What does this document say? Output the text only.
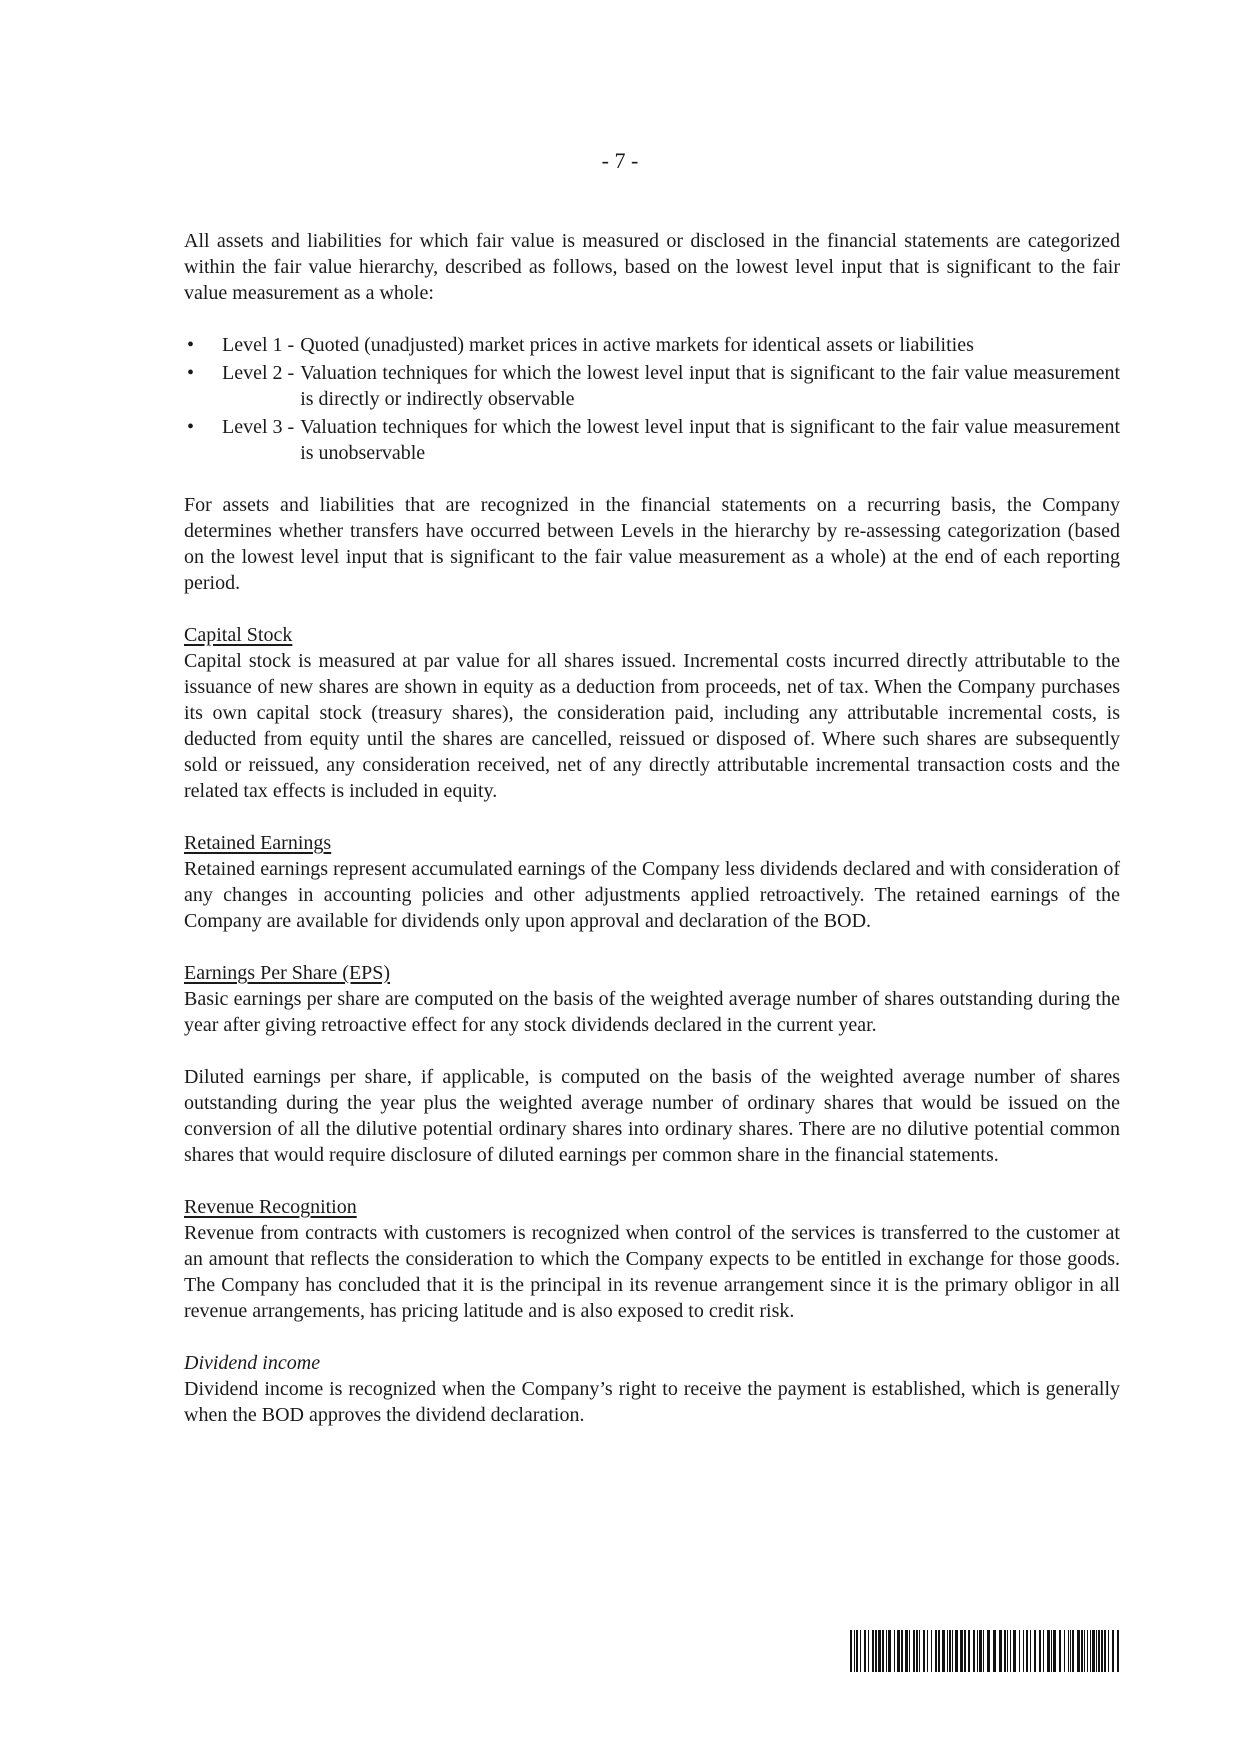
- 7 -

All assets and liabilities for which fair value is measured or disclosed in the financial statements are categorized within the fair value hierarchy, described as follows, based on the lowest level input that is significant to the fair value measurement as a whole:

• Level 1 - Quoted (unadjusted) market prices in active markets for identical assets or liabilities
• Level 2 - Valuation techniques for which the lowest level input that is significant to the fair value measurement is directly or indirectly observable
• Level 3 - Valuation techniques for which the lowest level input that is significant to the fair value measurement is unobservable

For assets and liabilities that are recognized in the financial statements on a recurring basis, the Company determines whether transfers have occurred between Levels in the hierarchy by re-assessing categorization (based on the lowest level input that is significant to the fair value measurement as a whole) at the end of each reporting period.

Capital Stock

Capital stock is measured at par value for all shares issued. Incremental costs incurred directly attributable to the issuance of new shares are shown in equity as a deduction from proceeds, net of tax. When the Company purchases its own capital stock (treasury shares), the consideration paid, including any attributable incremental costs, is deducted from equity until the shares are cancelled, reissued or disposed of. Where such shares are subsequently sold or reissued, any consideration received, net of any directly attributable incremental transaction costs and the related tax effects is included in equity.

Retained Earnings

Retained earnings represent accumulated earnings of the Company less dividends declared and with consideration of any changes in accounting policies and other adjustments applied retroactively. The retained earnings of the Company are available for dividends only upon approval and declaration of the BOD.

Earnings Per Share (EPS)

Basic earnings per share are computed on the basis of the weighted average number of shares outstanding during the year after giving retroactive effect for any stock dividends declared in the current year.

Diluted earnings per share, if applicable, is computed on the basis of the weighted average number of shares outstanding during the year plus the weighted average number of ordinary shares that would be issued on the conversion of all the dilutive potential ordinary shares into ordinary shares. There are no dilutive potential common shares that would require disclosure of diluted earnings per common share in the financial statements.

Revenue Recognition

Revenue from contracts with customers is recognized when control of the services is transferred to the customer at an amount that reflects the consideration to which the Company expects to be entitled in exchange for those goods. The Company has concluded that it is the principal in its revenue arrangement since it is the primary obligor in all revenue arrangements, has pricing latitude and is also exposed to credit risk.

Dividend income

Dividend income is recognized when the Company’s right to receive the payment is established, which is generally when the BOD approves the dividend declaration.
